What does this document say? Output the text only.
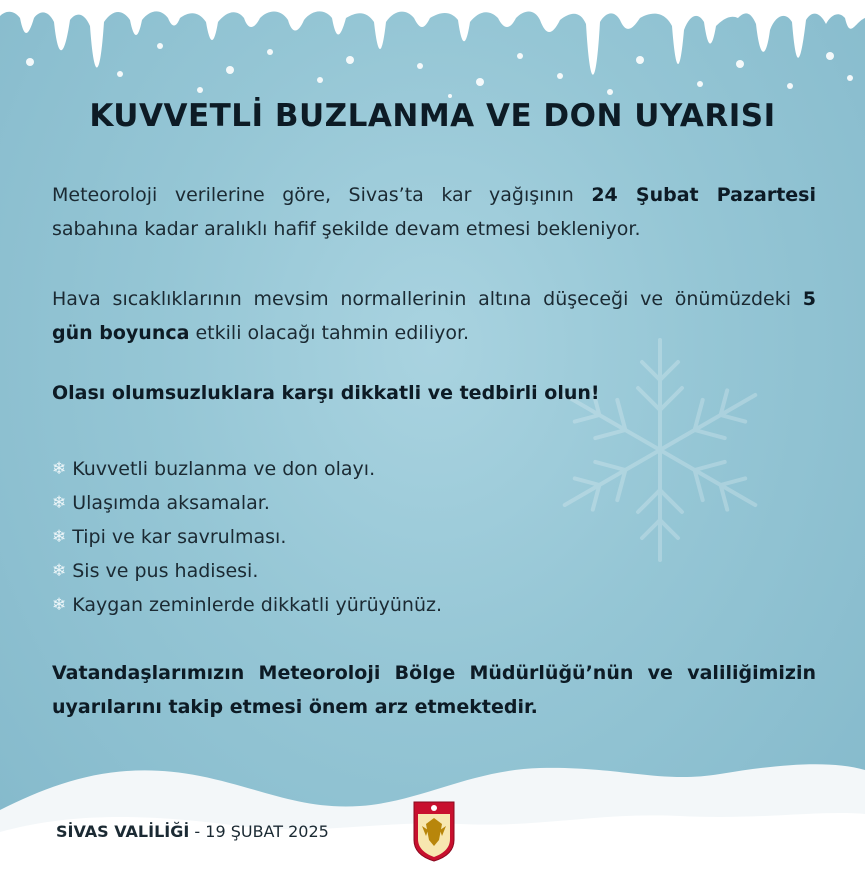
KUVVETLİ BUZLANMA VE DON UYARISI
Meteoroloji verilerine göre, Sivas’ta kar yağışının 24 Şubat Pazartesi sabahına kadar aralıklı hafif şekilde devam etmesi bekleniyor.
Hava sıcaklıklarının mevsim normallerinin altına düşeceği ve önümüzdeki 5 gün boyunca etkili olacağı tahmin ediliyor.
Olası olumsuzluklara karşı dikkatli ve tedbirli olun!
❄ Kuvvetli buzlanma ve don olayı.
❄ Ulaşımda aksamalar.
❄ Tipi ve kar savrulması.
❄ Sis ve pus hadisesi.
❄ Kaygan zeminlerde dikkatli yürüyünüz.
Vatandaşlarımızın Meteoroloji Bölge Müdürlüğü’nün ve valiliğimizin uyarılarını takip etmesi önem arz etmektedir.
SİVAS VALİLİĞİ - 19 ŞUBAT 2025
